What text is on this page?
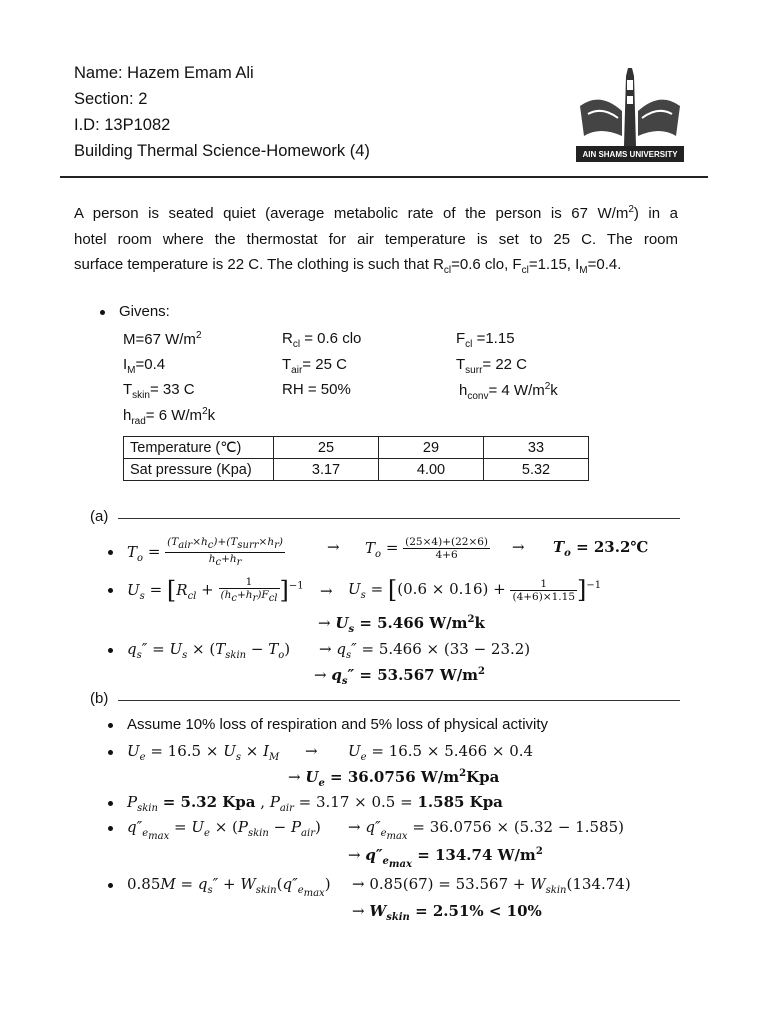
Name: Hazem Emam Ali
Section: 2
I.D: 13P1082
Building Thermal Science-Homework (4)	AIN SHAMS UNIVERSITY
A person is seated quiet (average metabolic rate of the person is 67 $W/m^2$) in a
hotel room where the thermostat for air temperature is set to 25 C. The room
surface temperature is 22 C. The clothing is such that $R_{cl}=0.6$ clo, $F_{cl}=1.15$, $I_M=0.4$.
Givens:
M=67 $W/m^2$	$R_{cl} = 0.6$ clo	$F_{cl} =1.15$
$I_M=0.4$	$T_{air}= 25$ C	$T_{surr}= 22$ C
$T_{skin}= 33$ C	RH = 50%	$h_{conv}= 4$ $W/m^2k$
$h_{rad}= 6$ $W/m^2k$
Temperature (℃)	25	29	33
Sat pressure (Kpa)	3.17	4.00	5.32
(a)
$T_o = \frac{(T_{air}\times h_c)+(T_{surr}\times h_r)}{h_c+h_r}$	→ $T_o = \frac{(25\times 4)+(22\times 6)}{4+6} \to T_o$ = 23.2℃
$U_s = [R_{cl} + \frac{1}{(h_c+h_r)F_{cl}} ]^{-1} \to U_s = [(0.6 \times 0.16) + \frac{1}{(4+6)\times 1.15} ]^{-1}$
→ $U_s = 5.466$ $W/m^2k$
$q_s'' = U_s \times (T_{skin} - T_o) \to q_s'' = 5.466 \times (33 - 23.2)$
→ $q_s'' = 53.567$ $W/m^2$
(b)
Assume 10% loss of respiration and 5% loss of physical activity
$U_e = 16.5 \times U_s \times I_M \to U_e = 16.5 \times 5.466 \times 0.4$
→ $U_e = 36.0756$ $W/m^2Kpa$
$P_{skin} = 5.32$ Kpa , $P_{air} = 3.17 \times 0.5 = 1.585$ Kpa
$q''_{e_{max}} = U_e \times (P_{skin} - P_{air}) \to q''_{e_{max}} = 36.0756 \times (5.32 - 1.585)$
→ $q''_{e_{max}} = 134.74$ $W/m^2$
$0.85M = q_s'' + W_{skin}(q''_{e_{max}}) \to 0.85(67) = 53.567 + W_{skin}(134.74)$
→ $W_{skin} = 2.51\% < 10\%$
